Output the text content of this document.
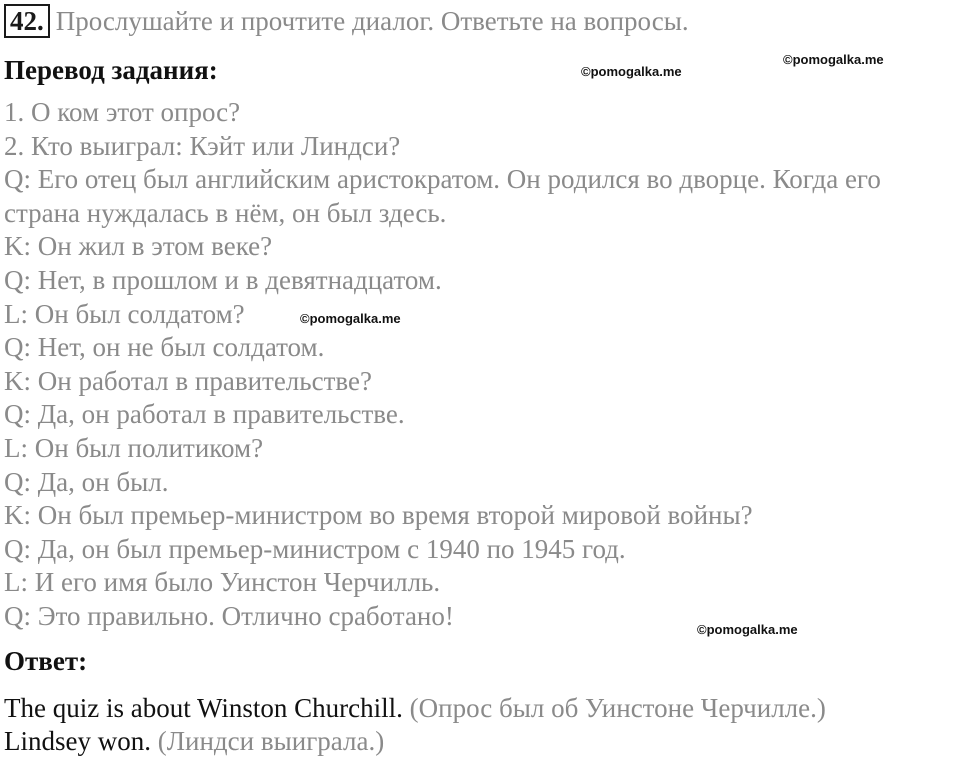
42. Прослушайте и прочтите диалог. Ответьте на вопросы.
Перевод задания:	©pomogalka.me
©pomogalka.me
©pomogalka.me
©pomogalka.me
1. О ком этот опрос?
2. Кто выиграл: Кэйт или Линдси?
Q: Его отец был английским аристократом. Он родился во дворце. Когда его
страна нуждалась в нём, он был здесь.
K: Он жил в этом веке?
Q: Нет, в прошлом и в девятнадцатом.
L: Он был солдатом?
Q: Нет, он не был солдатом.
K: Он работал в правительстве?
Q: Да, он работал в правительстве.
L: Он был политиком?
Q: Да, он был.
K: Он был премьер-министром во время второй мировой войны?
Q: Да, он был премьер-министром с 1940 по 1945 год.
L: И его имя было Уинстон Черчилль.
Q: Это правильно. Отлично сработано!
Ответ:
The quiz is about Winston Churchill. (Опрос был об Уинстоне Черчилле.)
Lindsey won. (Линдси выиграла.)
